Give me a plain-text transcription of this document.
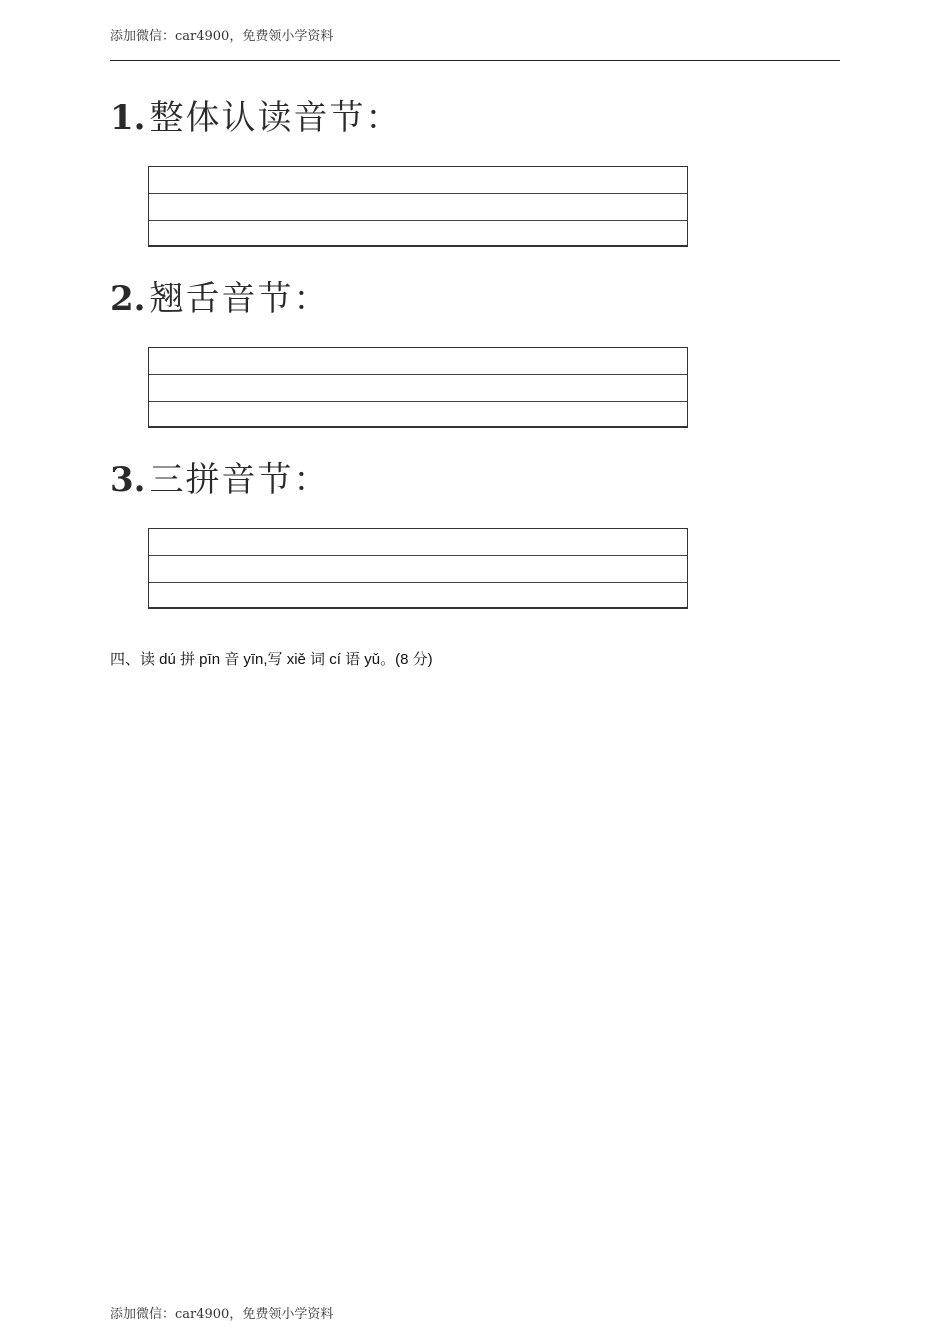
添加微信：car4900，免费领小学资料
1. 整体认读音节：
2. 翘舌音节：
3. 三拼音节：
四、读 dú 拼 pīn 音 yīn,写 xiě 词 cí 语 yǔ。(8 分)
添加微信：car4900，免费领小学资料
